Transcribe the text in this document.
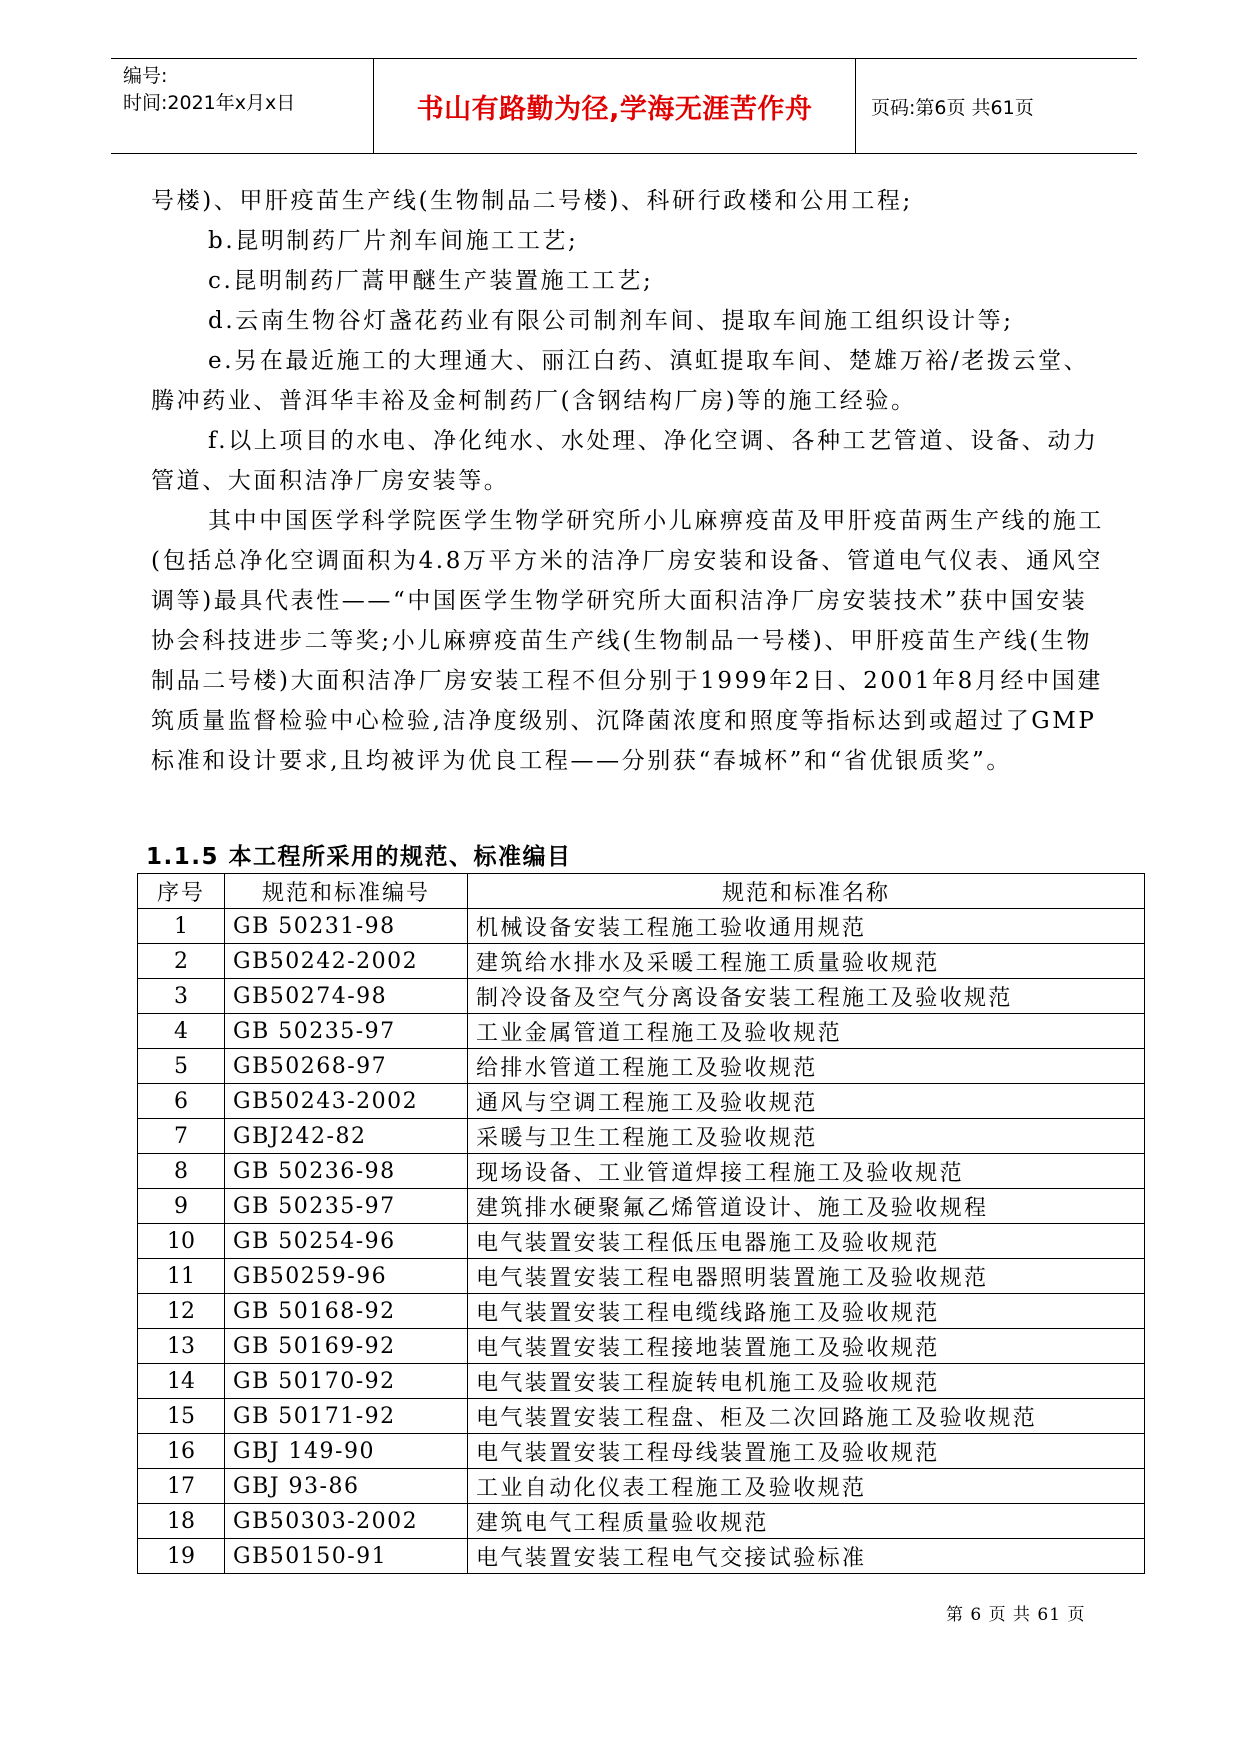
编号:
时间:2021年x月x日	书山有路勤为径,学海无涯苦作舟	页码:第6页 共61页

号楼)、甲肝疫苗生产线(生物制品二号楼)、科研行政楼和公用工程;

b.昆明制药厂片剂车间施工工艺;

c.昆明制药厂蒿甲醚生产装置施工工艺;

d.云南生物谷灯盏花药业有限公司制剂车间、提取车间施工组织设计等;

e.另在最近施工的大理通大、丽江白药、滇虹提取车间、楚雄万裕/老拨云堂、腾冲药业、普洱华丰裕及金柯制药厂(含钢结构厂房)等的施工经验。

f.以上项目的水电、净化纯水、水处理、净化空调、各种工艺管道、设备、动力管道、大面积洁净厂房安装等。

其中中国医学科学院医学生物学研究所小儿麻痹疫苗及甲肝疫苗两生产线的施工(包括总净化空调面积为4.8万平方米的洁净厂房安装和设备、管道电气仪表、通风空调等)最具代表性——“中国医学生物学研究所大面积洁净厂房安装技术”获中国安装协会科技进步二等奖;小儿麻痹疫苗生产线(生物制品一号楼)、甲肝疫苗生产线(生物制品二号楼)大面积洁净厂房安装工程不但分别于1999年2日、2001年8月经中国建筑质量监督检验中心检验,洁净度级别、沉降菌浓度和照度等指标达到或超过了GMP标准和设计要求,且均被评为优良工程——分别获“春城杯”和“省优银质奖”。

1.1.5 本工程所采用的规范、标准编目
序号	规范和标准编号	规范和标准名称
1	GB 50231-98	机械设备安装工程施工验收通用规范
2	GB50242-2002	建筑给水排水及采暖工程施工质量验收规范
3	GB50274-98	制冷设备及空气分离设备安装工程施工及验收规范
4	GB 50235-97	工业金属管道工程施工及验收规范
5	GB50268-97	给排水管道工程施工及验收规范
6	GB50243-2002	通风与空调工程施工及验收规范
7	GBJ242-82	采暖与卫生工程施工及验收规范
8	GB 50236-98	现场设备、工业管道焊接工程施工及验收规范
9	GB 50235-97	建筑排水硬聚氟乙烯管道设计、施工及验收规程
10	GB 50254-96	电气装置安装工程低压电器施工及验收规范
11	GB50259-96	电气装置安装工程电器照明装置施工及验收规范
12	GB 50168-92	电气装置安装工程电缆线路施工及验收规范
13	GB 50169-92	电气装置安装工程接地装置施工及验收规范
14	GB 50170-92	电气装置安装工程旋转电机施工及验收规范
15	GB 50171-92	电气装置安装工程盘、柜及二次回路施工及验收规范
16	GBJ 149-90	电气装置安装工程母线装置施工及验收规范
17	GBJ 93-86	工业自动化仪表工程施工及验收规范
18	GB50303-2002	建筑电气工程质量验收规范
19	GB50150-91	电气装置安装工程电气交接试验标准
第 6 页 共 61 页
